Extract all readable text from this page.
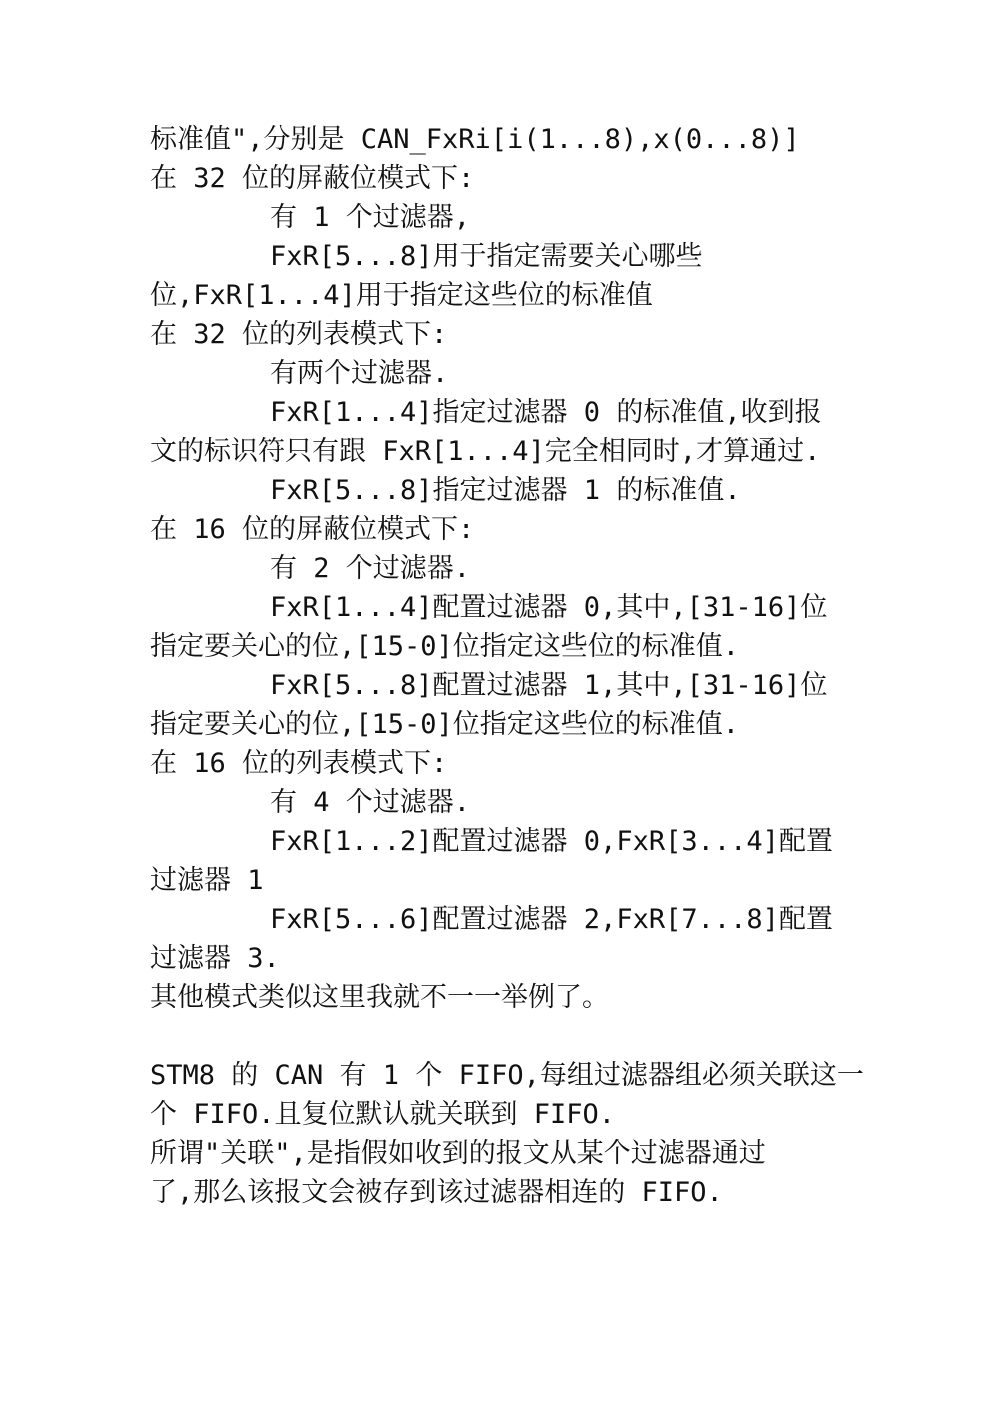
标准值",分别是 CAN_FxRi[i(1...8),x(0...8)]
在 32 位的屏蔽位模式下:
有 1 个过滤器,
FxR[5...8]用于指定需要关心哪些
位,FxR[1...4]用于指定这些位的标准值
在 32 位的列表模式下:
有两个过滤器.
FxR[1...4]指定过滤器 0 的标准值,收到报
文的标识符只有跟 FxR[1...4]完全相同时,才算通过.
FxR[5...8]指定过滤器 1 的标准值.
在 16 位的屏蔽位模式下:
有 2 个过滤器.
FxR[1...4]配置过滤器 0,其中,[31-16]位
指定要关心的位,[15-0]位指定这些位的标准值.
FxR[5...8]配置过滤器 1,其中,[31-16]位
指定要关心的位,[15-0]位指定这些位的标准值.
在 16 位的列表模式下:
有 4 个过滤器.
FxR[1...2]配置过滤器 0,FxR[3...4]配置
过滤器 1
FxR[5...6]配置过滤器 2,FxR[7...8]配置
过滤器 3.
其他模式类似这里我就不一一举例了。
STM8 的 CAN 有 1 个 FIFO,每组过滤器组必须关联这一
个 FIFO.且复位默认就关联到 FIFO.
所谓"关联",是指假如收到的报文从某个过滤器通过
了,那么该报文会被存到该过滤器相连的 FIFO.
